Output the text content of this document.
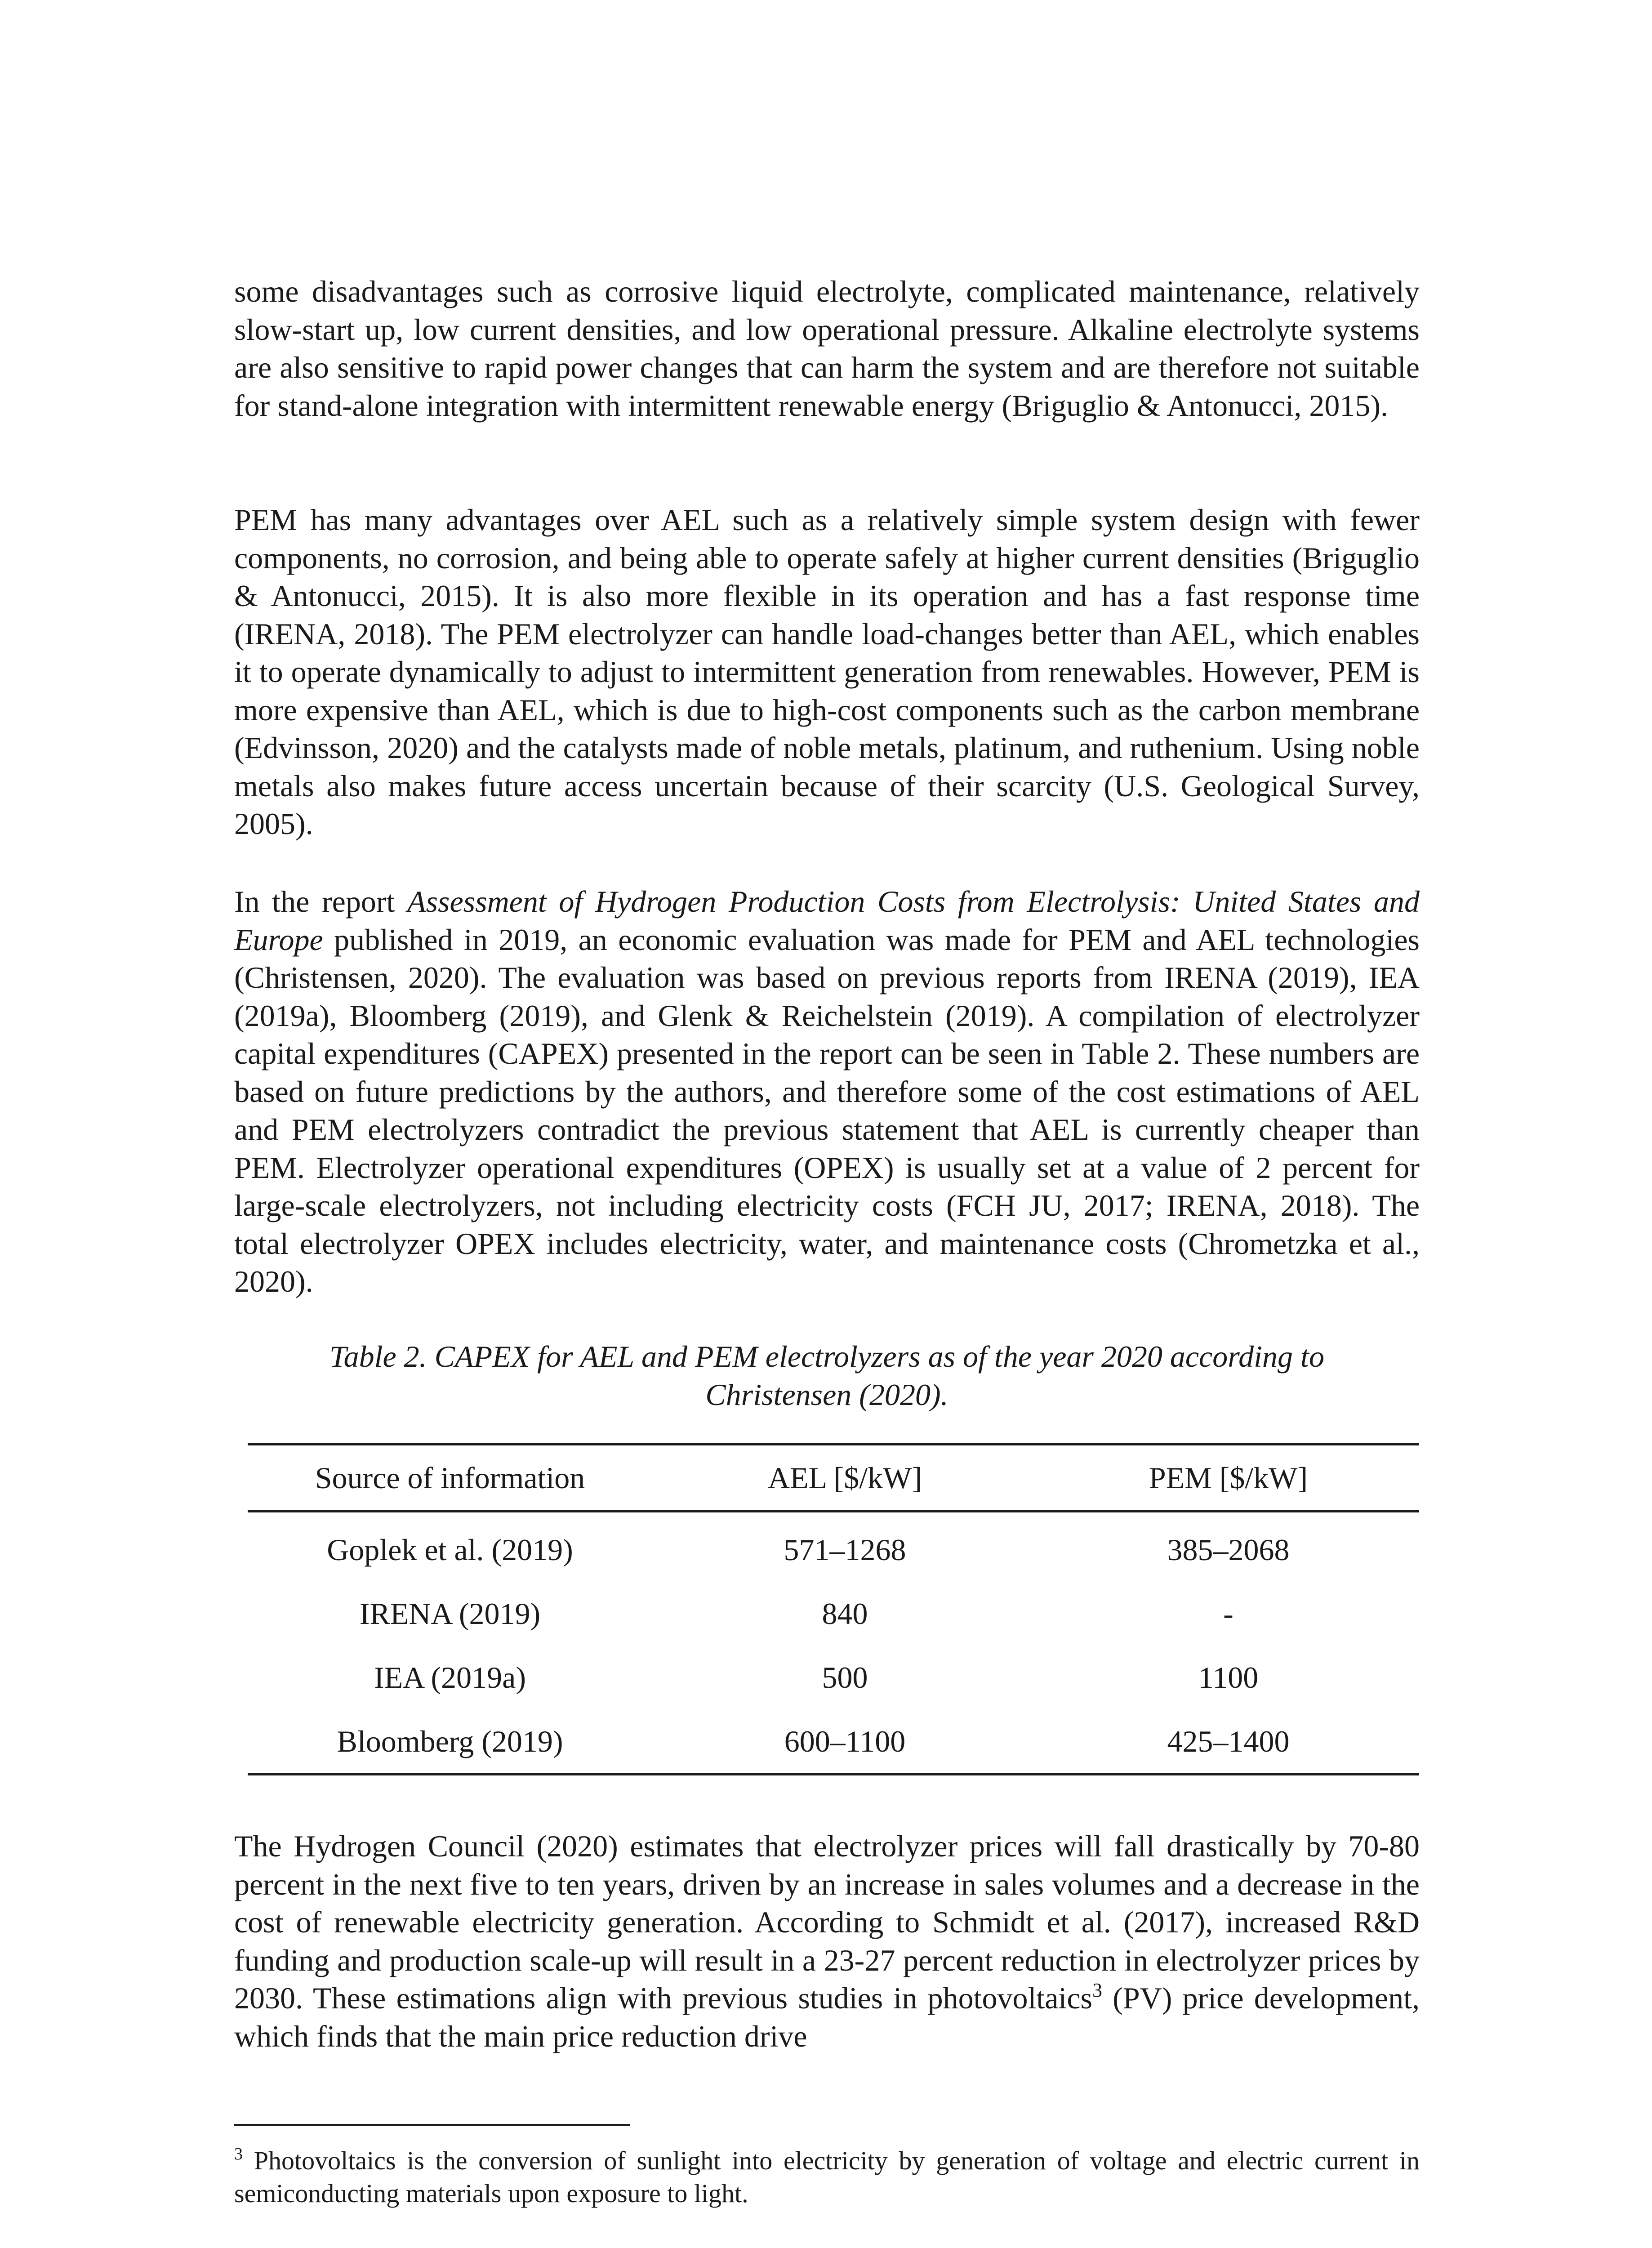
some disadvantages such as corrosive liquid electrolyte, complicated maintenance, relatively slow-start up, low current densities, and low operational pressure. Alkaline electrolyte systems are also sensitive to rapid power changes that can harm the system and are therefore not suitable for stand-alone integration with intermittent renewable energy (Briguglio & Antonucci, 2015).

PEM has many advantages over AEL such as a relatively simple system design with fewer components, no corrosion, and being able to operate safely at higher current densities (Briguglio & Antonucci, 2015). It is also more flexible in its operation and has a fast response time (IRENA, 2018). The PEM electrolyzer can handle load-changes better than AEL, which enables it to operate dynamically to adjust to intermittent generation from renewables. However, PEM is more expensive than AEL, which is due to high-cost components such as the carbon membrane (Edvinsson, 2020) and the catalysts made of noble metals, platinum, and ruthenium. Using noble metals also makes future access uncertain because of their scarcity (U.S. Geological Survey, 2005).

In the report Assessment of Hydrogen Production Costs from Electrolysis: United States and Europe published in 2019, an economic evaluation was made for PEM and AEL technologies (Christensen, 2020). The evaluation was based on previous reports from IRENA (2019), IEA (2019a), Bloomberg (2019), and Glenk & Reichelstein (2019). A compilation of electrolyzer capital expenditures (CAPEX) presented in the report can be seen in Table 2. These numbers are based on future predictions by the authors, and therefore some of the cost estimations of AEL and PEM electrolyzers contradict the previous statement that AEL is currently cheaper than PEM. Electrolyzer operational expenditures (OPEX) is usually set at a value of 2 percent for large-scale electrolyzers, not including electricity costs (FCH JU, 2017; IRENA, 2018). The total electrolyzer OPEX includes electricity, water, and maintenance costs (Chrometzka et al., 2020).

Table 2. CAPEX for AEL and PEM electrolyzers as of the year 2020 according to
Christensen (2020).
Source of information	AEL [$/kW]	PEM [$/kW]
Goplek et al. (2019)	571–1268	385–2068
IRENA (2019)	840	-
IEA (2019a)	500	1100
Bloomberg (2019)	600–1100	425–1400

The Hydrogen Council (2020) estimates that electrolyzer prices will fall drastically by 70-80 percent in the next five to ten years, driven by an increase in sales volumes and a decrease in the cost of renewable electricity generation. According to Schmidt et al. (2017), increased R&D funding and production scale-up will result in a 23-27 percent reduction in electrolyzer prices by 2030. These estimations align with previous studies in photovoltaics$^3$ (PV) price development, which finds that the main price reduction drive

$^3$ Photovoltaics is the conversion of sunlight into electricity by generation of voltage and electric current in semiconducting materials upon exposure to light.
